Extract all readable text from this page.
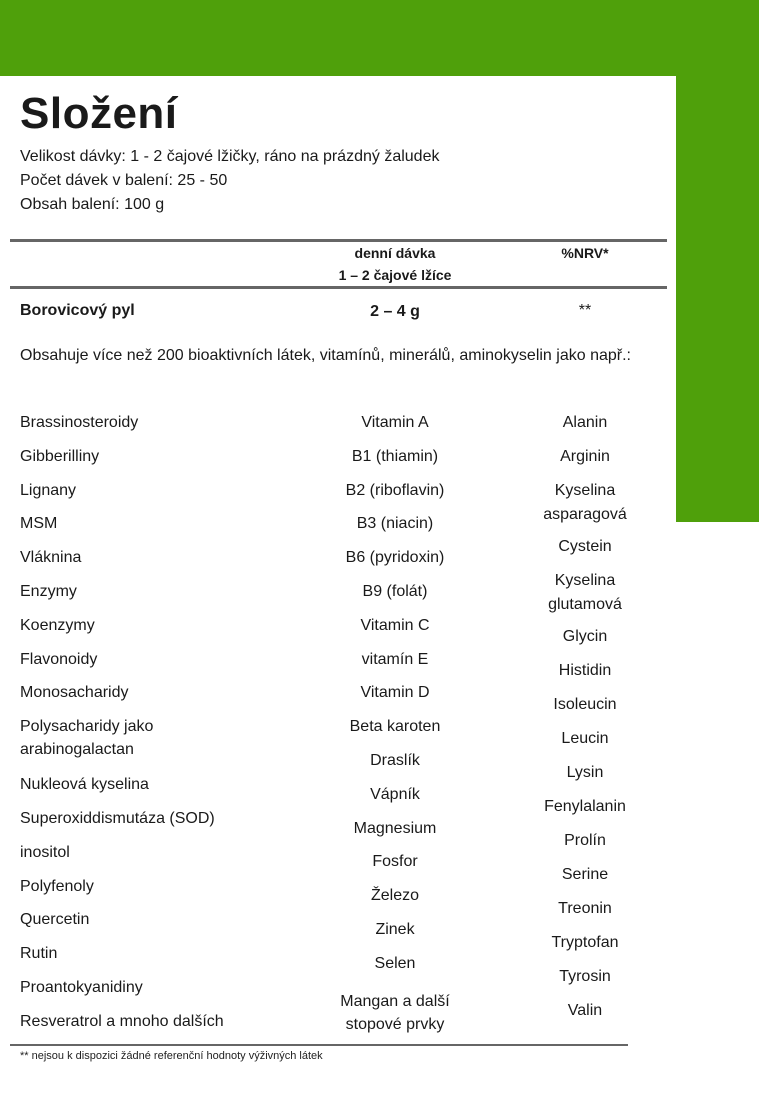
Složení
Velikost dávky: 1 - 2 čajové lžičky, ráno na prázdný žaludek
Počet dávek v balení: 25 - 50
Obsah balení: 100 g
denní dávka
1 – 2 čajové lžíce
%NRV*
Borovicový pyl	2 – 4 g	**
Obsahuje více než 200 bioaktivních látek, vitamínů, minerálů, aminokyselin jako např.:
Brassinosteroidy
Gibberilliny
Lignany
MSM
Vláknina
Enzymy
Koenzymy
Flavonoidy
Monosacharidy
Polysacharidy jako arabinogalactan
Nukleová kyselina
Superoxiddismutáza (SOD)
inositol
Polyfenoly
Quercetin
Rutin
Proantokyanidiny
Resveratrol a mnoho dalších
Vitamin A
B1 (thiamin)
B2 (riboflavin)
B3 (niacin)
B6 (pyridoxin)
B9 (folát)
Vitamin C
vitamín E
Vitamin D
Beta karoten
Draslík
Vápník
Magnesium
Fosfor
Železo
Zinek
Selen
Mangan a další stopové prvky
Alanin
Arginin
Kyselina asparagová
Cystein
Kyselina glutamová
Glycin
Histidin
Isoleucin
Leucin
Lysin
Fenylalanin
Prolín
Serine
Treonin
Tryptofan
Tyrosin
Valin
** nejsou k dispozici žádné referenční hodnoty výživných látek
